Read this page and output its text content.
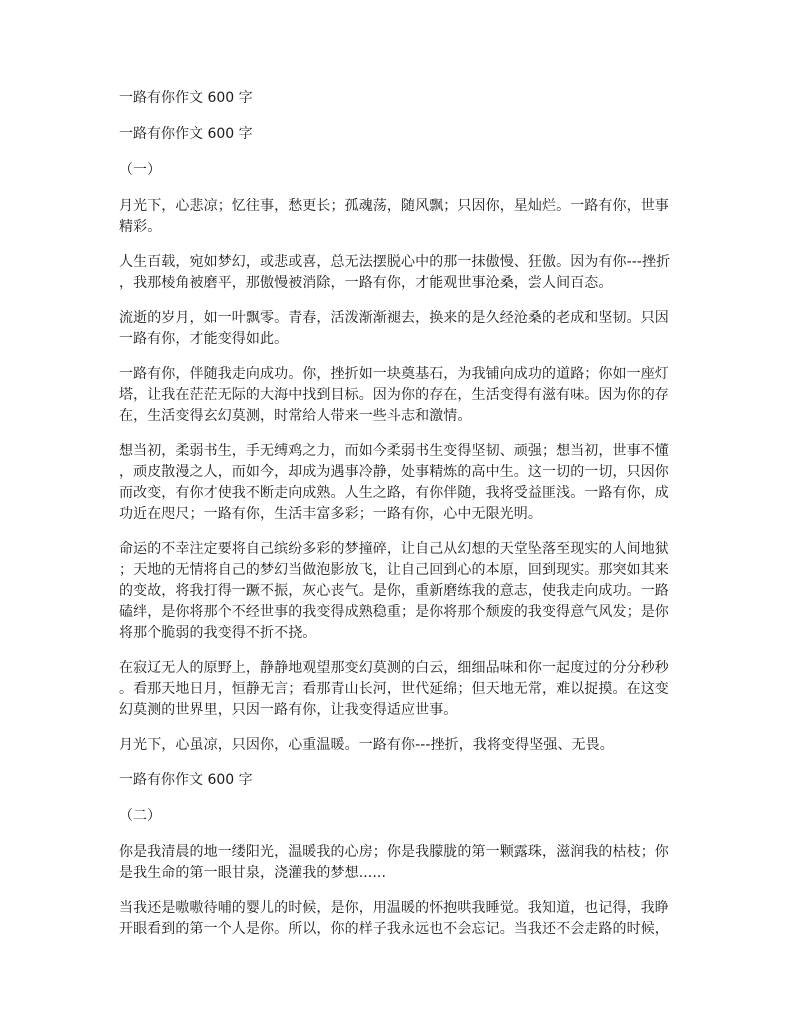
一路有你作文 600 字

一路有你作文 600 字

（一）

月光下，心悲凉；忆往事，愁更长；孤魂荡，随风飘；只因你，星灿烂。一路有你，世事

精彩。

人生百载，宛如梦幻，或悲或喜，总无法摆脱心中的那一抹傲慢、狂傲。因为有你---挫折

，我那棱角被磨平，那傲慢被消除，一路有你，才能观世事沧桑，尝人间百态。

流逝的岁月，如一叶飘零。青春，活泼渐渐褪去，换来的是久经沧桑的老成和坚韧。只因

一路有你，才能变得如此。

一路有你，伴随我走向成功。你，挫折如一块奠基石，为我铺向成功的道路；你如一座灯

塔，让我在茫茫无际的大海中找到目标。因为你的存在，生活变得有滋有味。因为你的存

在，生活变得玄幻莫测，时常给人带来一些斗志和激情。

想当初，柔弱书生，手无缚鸡之力，而如今柔弱书生变得坚韧、顽强；想当初，世事不懂

，顽皮散漫之人，而如今，却成为遇事冷静，处事精炼的高中生。这一切的一切，只因你

而改变，有你才使我不断走向成熟。人生之路，有你伴随，我将受益匪浅。一路有你，成

功近在咫尺；一路有你，生活丰富多彩；一路有你，心中无限光明。

命运的不幸注定要将自己缤纷多彩的梦撞碎，让自己从幻想的天堂坠落至现实的人间地狱

；天地的无情将自己的梦幻当做泡影放飞，让自己回到心的本原，回到现实。那突如其来

的变故，将我打得一蹶不振，灰心丧气。是你，重新磨练我的意志，使我走向成功。一路

磕绊，是你将那个不经世事的我变得成熟稳重；是你将那个颓废的我变得意气风发；是你

将那个脆弱的我变得不折不挠。

在寂辽无人的原野上，静静地观望那变幻莫测的白云，细细品味和你一起度过的分分秒秒

。看那天地日月，恒静无言；看那青山长河，世代延绵；但天地无常，难以捉摸。在这变

幻莫测的世界里，只因一路有你，让我变得适应世事。

月光下，心虽凉，只因你，心重温暖。一路有你---挫折，我将变得坚强、无畏。

一路有你作文 600 字

（二）

你是我清晨的地一缕阳光，温暖我的心房；你是我朦胧的第一颗露珠，滋润我的枯枝；你

是我生命的第一眼甘泉，浇灌我的梦想......

当我还是嗷嗷待哺的婴儿的时候，是你，用温暖的怀抱哄我睡觉。我知道，也记得，我睁

开眼看到的第一个人是你。所以，你的样子我永远也不会忘记。当我还不会走路的时候，
